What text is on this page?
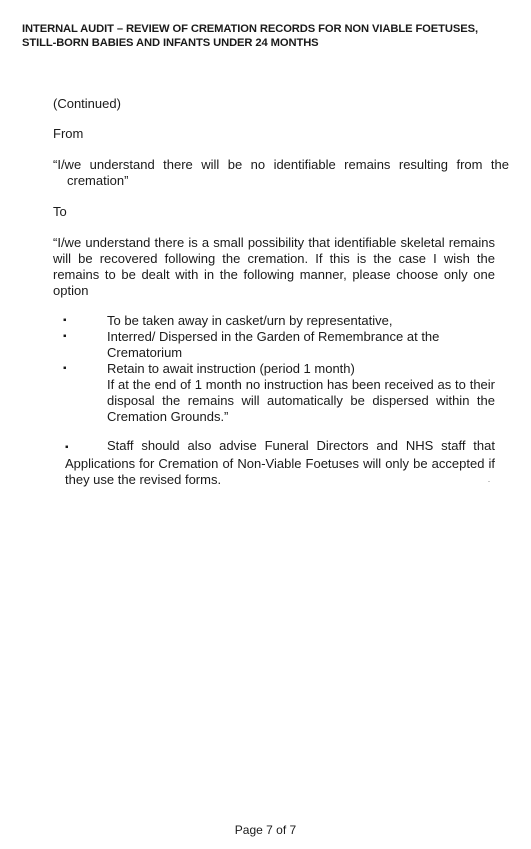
INTERNAL AUDIT – REVIEW OF CREMATION RECORDS FOR NON VIABLE FOETUSES,
STILL-BORN BABIES AND INFANTS UNDER 24 MONTHS

(Continued)

From

“I/we understand there will be no identifiable remains resulting from the cremation”

To

“I/we understand there is a small possibility that identifiable skeletal remains will be recovered following the cremation. If this is the case I wish the remains to be dealt with in the following manner, please choose only one option

▪	To be taken away in casket/urn by representative,
▪	Interred/ Dispersed in the Garden of Remembrance at the Crematorium
▪	Retain to await instruction (period 1 month)
If at the end of 1 month no instruction has been received as to their disposal the remains will automatically be dispersed within the Cremation Grounds.”

▪	Staff should also advise Funeral Directors and NHS staff that Applications for Cremation of Non-Viable Foetuses will only be accepted if they use the revised forms.

Page 7 of 7
